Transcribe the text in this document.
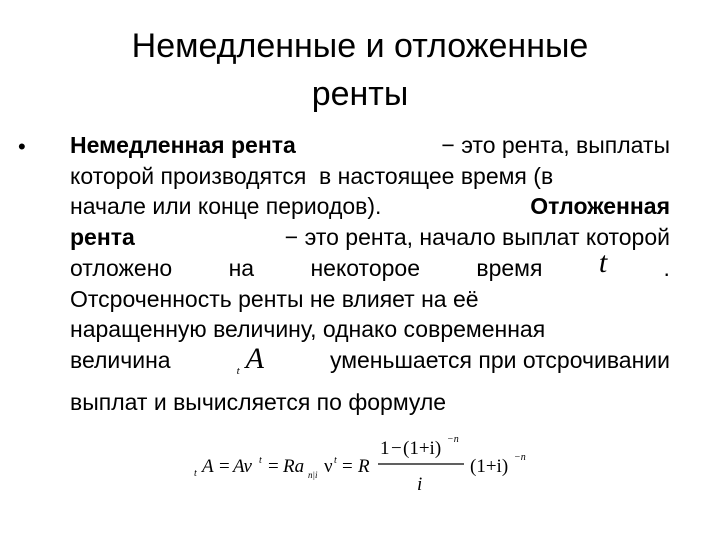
Немедленные и отложенные
ренты
• Немедленная рента	− это рента, выплаты
которой производятся  в настоящее время (в
начале или конце периодов).	Отложенная
рента	− это рента, начало выплат которой
отложено на некоторое время t .
Отсроченность ренты не влияет на её
наращенную величину, однако современная
величина	$_t$ A	уменьшается при отсрочивании
выплат и вычисляется по формуле
t A = Av t = Ra n|i ν t = R
1 − (1+i) −n
i
(1+i) −n
